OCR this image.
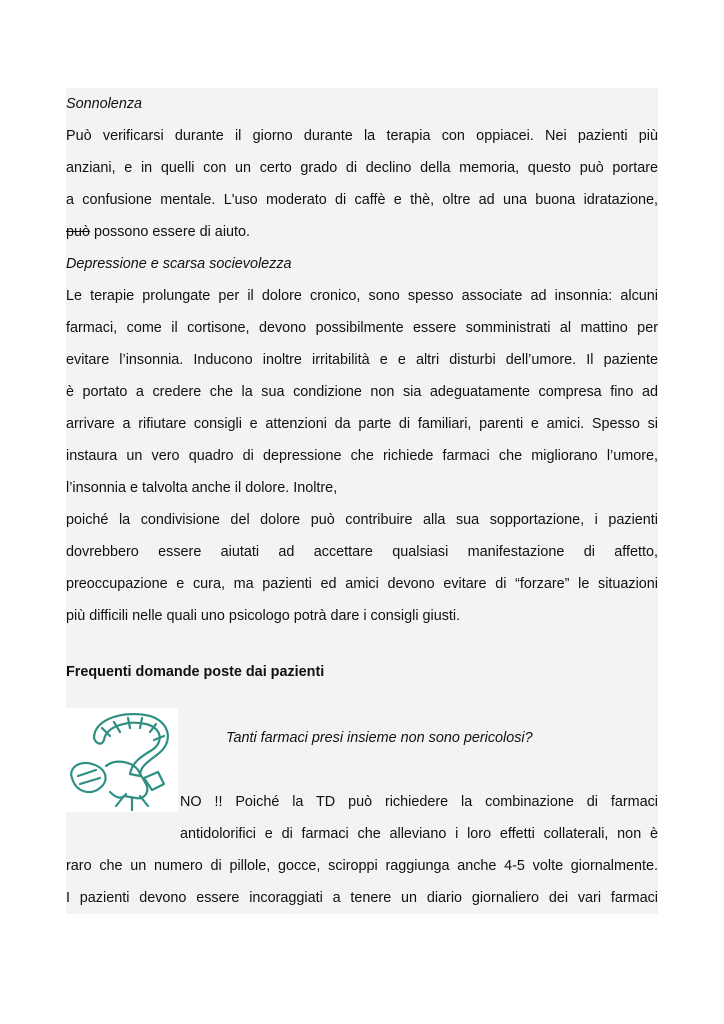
Sonnolenza
Può verificarsi durante il giorno durante la terapia con oppiacei. Nei pazienti più
anziani, e in quelli con un certo grado di declino della memoria, questo può portare
a confusione mentale. L'uso moderato di caffè e thè, oltre ad una buona idratazione,
può possono essere di aiuto.
Depressione e scarsa socievolezza
Le terapie prolungate per il dolore cronico, sono spesso associate ad insonnia: alcuni
farmaci, come il cortisone, devono possibilmente essere somministrati al mattino per
evitare l’insonnia. Inducono inoltre irritabilità e e altri disturbi dell’umore. Il paziente
è portato a credere che la sua condizione non sia adeguatamente compresa fino ad
arrivare a rifiutare consigli e attenzioni da parte di familiari, parenti e amici. Spesso si
instaura un vero quadro di depressione che richiede farmaci che migliorano l’umore,
l’insonnia e talvolta anche il dolore. Inoltre,
poiché la condivisione del dolore può contribuire alla sua sopportazione, i pazienti
dovrebbero essere aiutati ad accettare qualsiasi manifestazione di affetto,
preoccupazione e cura, ma pazienti ed amici devono evitare di “forzare” le situazioni
più difficili nelle quali uno psicologo potrà dare i consigli giusti.
Frequenti domande poste dai pazienti
Tanti farmaci presi insieme non sono pericolosi?
NO !! Poiché la TD può richiedere la combinazione di farmaci
antidolorifici e di farmaci che alleviano i loro effetti collaterali, non è
raro che un numero di pillole, gocce, sciroppi raggiunga anche 4-5 volte giornalmente.
I pazienti devono essere incoraggiati a tenere un diario giornaliero dei vari farmaci
